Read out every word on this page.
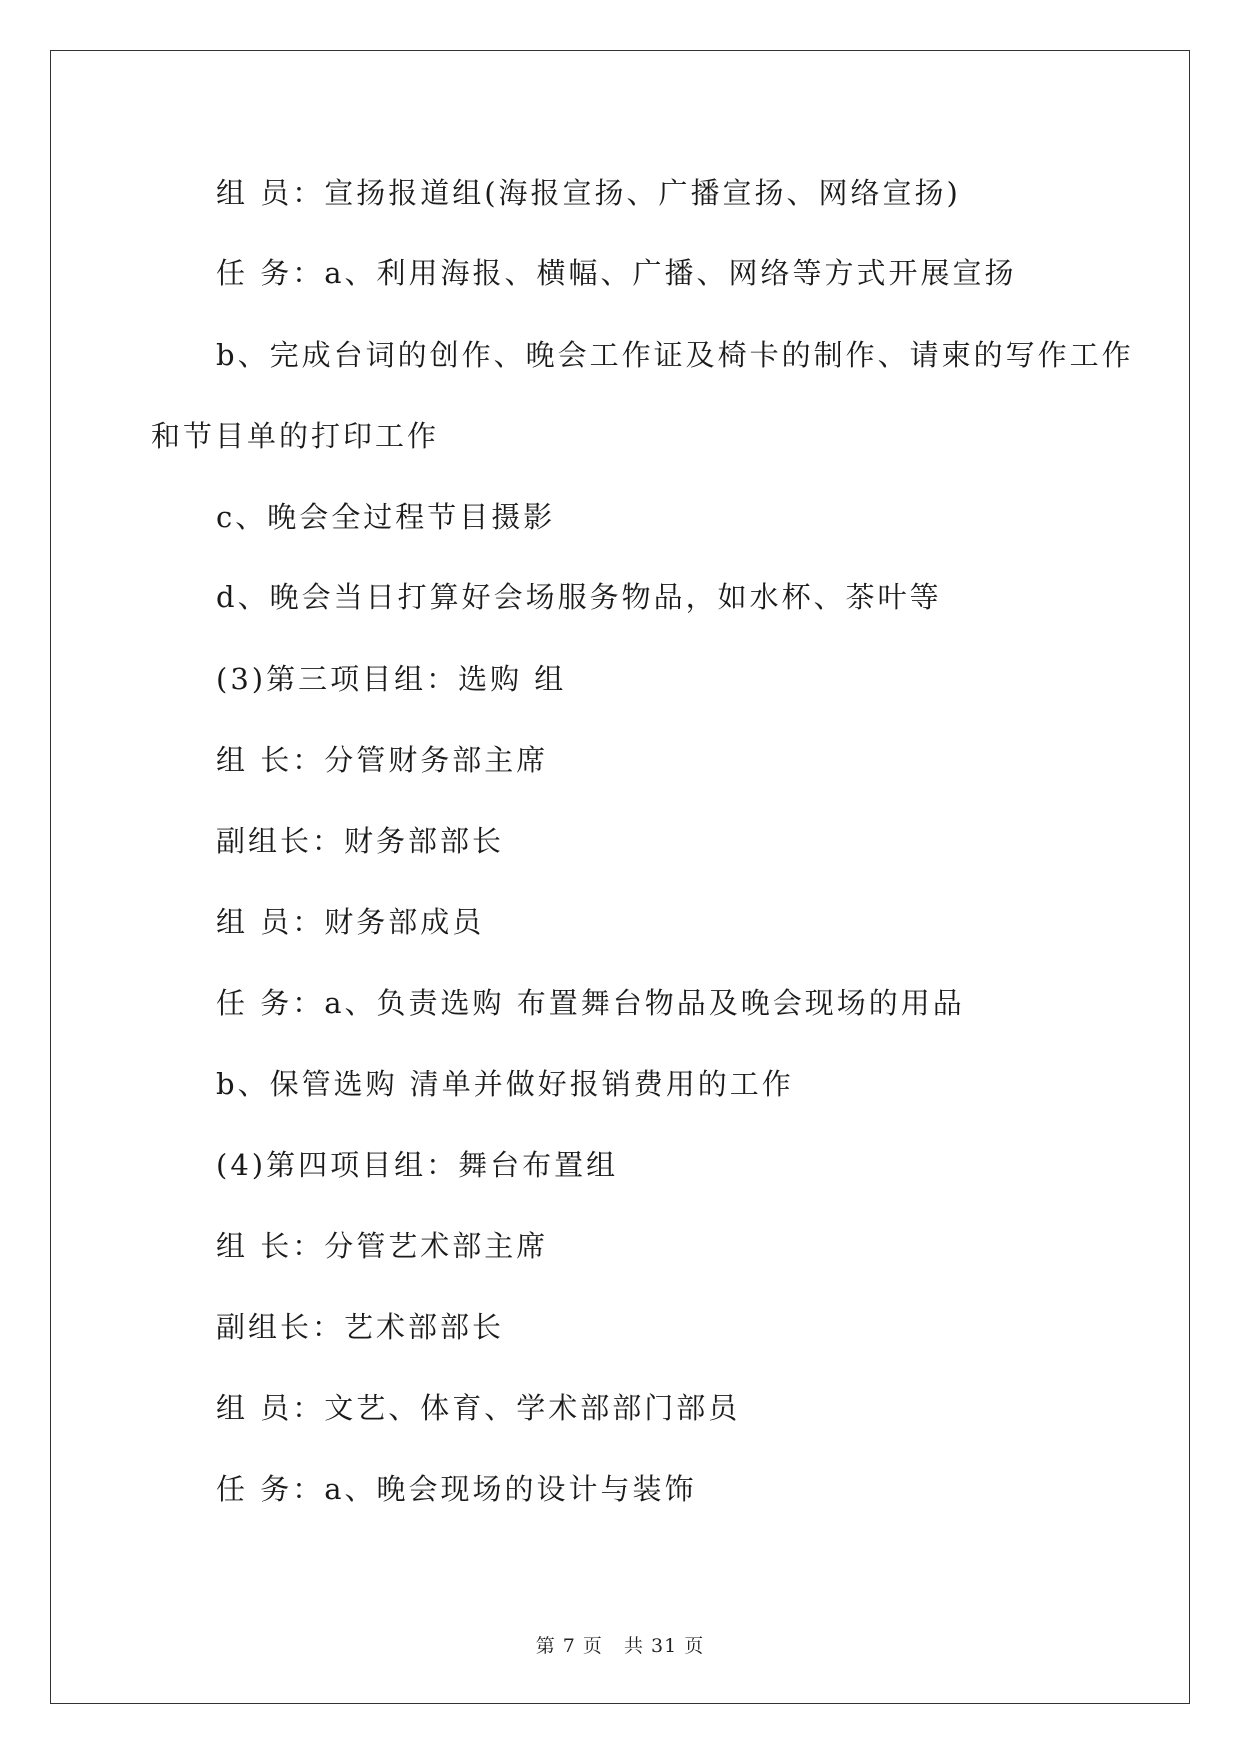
组 员：宣扬报道组(海报宣扬、广播宣扬、网络宣扬)
任 务：a、利用海报、横幅、广播、网络等方式开展宣扬
b、完成台词的创作、晚会工作证及椅卡的制作、请柬的写作工作
和节目单的打印工作
c、晚会全过程节目摄影
d、晚会当日打算好会场服务物品，如水杯、茶叶等
(3)第三项目组：选购 组
组 长：分管财务部主席
副组长：财务部部长
组 员：财务部成员
任 务：a、负责选购 布置舞台物品及晚会现场的用品
b、保管选购 清单并做好报销费用的工作
(4)第四项目组：舞台布置组
组 长：分管艺术部主席
副组长：艺术部部长
组 员：文艺、体育、学术部部门部员
任 务：a、晚会现场的设计与装饰
第 7 页   共 31 页
